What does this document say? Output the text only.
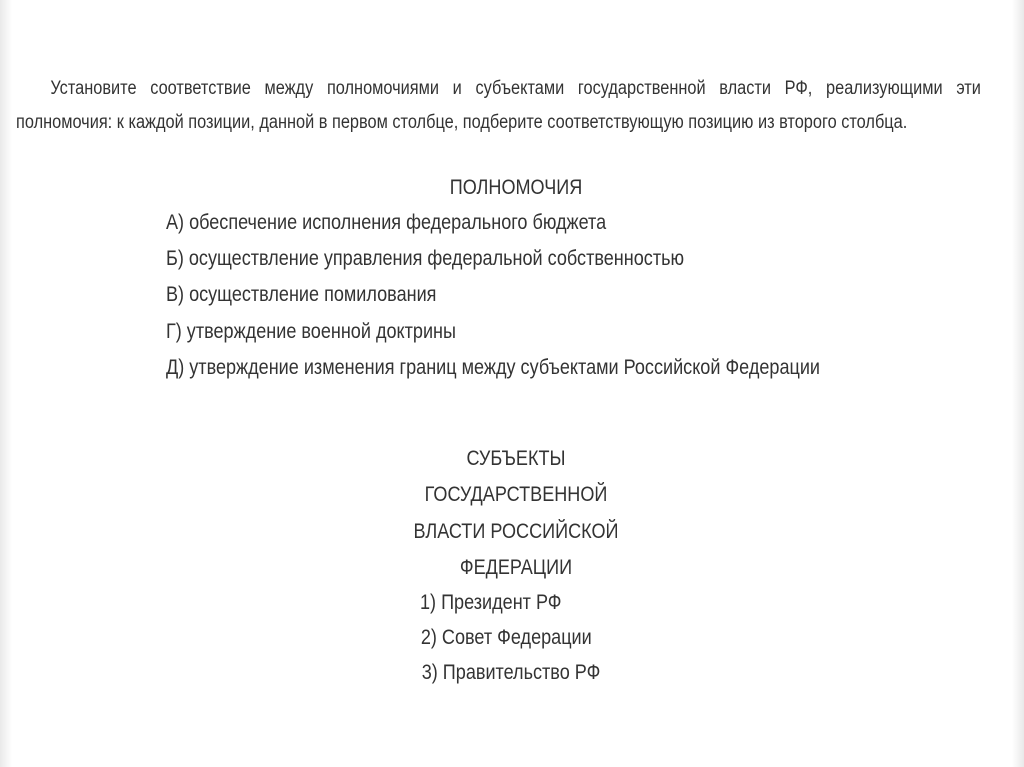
Установите соответствие между полномочиями и субъектами государственной власти РФ, реализующими эти
полномочия: к каждой позиции, данной в первом столбце, подберите соответствующую позицию из второго столбца.
ПОЛНОМОЧИЯ
А) обеспечение исполнения федерального бюджета
Б) осуществление управления федеральной собственностью
В) осуществление помилования
Г) утверждение военной доктрины
Д) утверждение изменения границ между субъектами Российской Федерации
СУБЪЕКТЫ
ГОСУДАРСТВЕННОЙ
ВЛАСТИ РОССИЙСКОЙ
ФЕДЕРАЦИИ
1) Президент РФ
2) Совет Федерации
3) Правительство РФ
